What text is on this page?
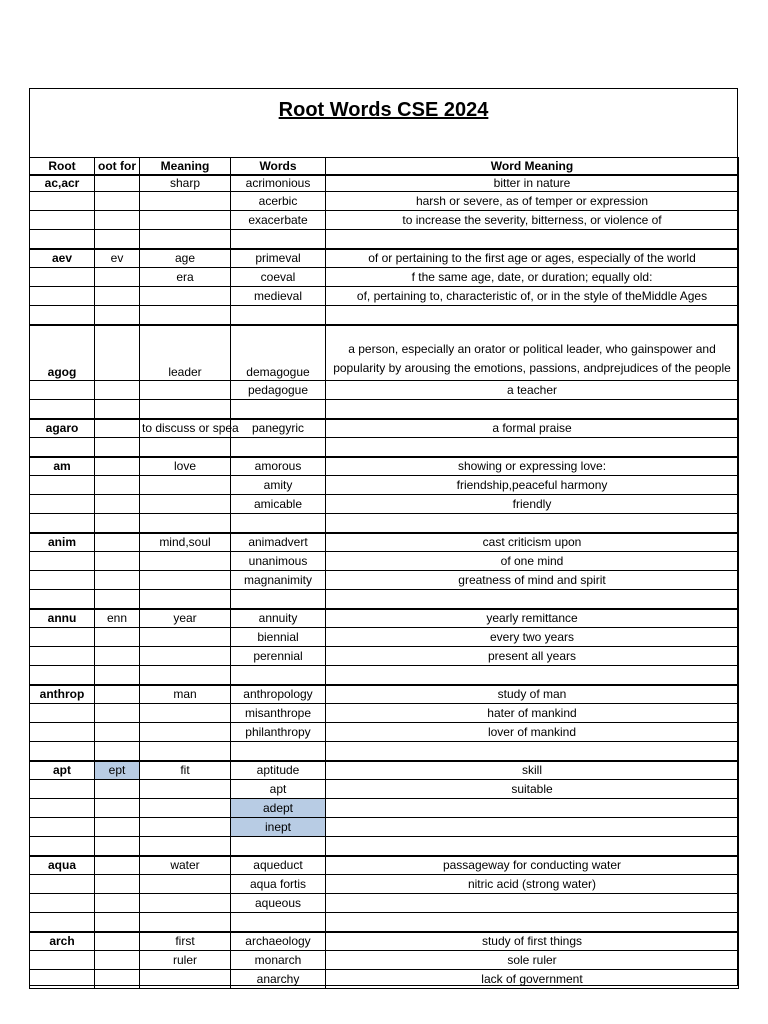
Root Words CSE 2024
Root	oot for	Meaning	Words	Word Meaning
ac,acr		sharp	acrimonious	bitter in nature
			acerbic	harsh or severe, as of temper or expression
			exacerbate	to increase the severity, bitterness, or violence of

aev	ev	age	primeval	of or pertaining to the first age or ages, especially of the world
		era	coeval	f the same age, date, or duration; equally old:
			medieval	of, pertaining to, characteristic of, or in the style of theMiddle Ages

agog		leader	demagogue	a person, especially an orator or political leader, who gainspower and popularity by arousing the emotions, passions, andprejudices of the people
			pedagogue	a teacher

agaro		to discuss or spea	panegyric	a formal praise

am		love	amorous	showing or expressing love:
			amity	friendship,peaceful harmony
			amicable	friendly

anim		mind,soul	animadvert	cast criticism upon
			unanimous	of one mind
			magnanimity	greatness of mind and spirit

annu	enn	year	annuity	yearly remittance
			biennial	every two years
			perennial	present all years

anthrop		man	anthropology	study of man
			misanthrope	hater of mankind
			philanthropy	lover of mankind

apt	ept	fit	aptitude	skill
			apt	suitable
			adept	
			inept	

aqua		water	aqueduct	passageway for conducting water
			aqua fortis	nitric acid (strong water)
			aqueous	

arch		first	archaeology	study of first things
		ruler	monarch	sole ruler
			anarchy	lack of government
